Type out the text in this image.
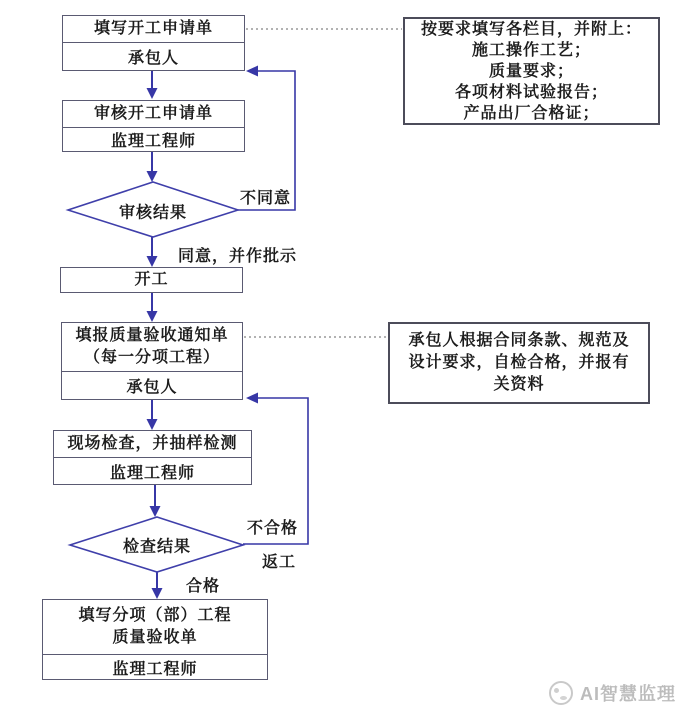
填写开工申请单
承包人
审核开工申请单
监理工程师
审核结果
不同意
同意，并作批示
开工
填报质量验收通知单
（每一分项工程）
承包人
现场检查，并抽样检测
监理工程师
检查结果
不合格
返工
合格
填写分项（部）工程
质量验收单
监理工程师
按要求填写各栏目，并附上：
施工操作工艺；
质量要求；
各项材料试验报告；
产品出厂合格证；
承包人根据合同条款、规范及设计要求，自检合格，并报有关资料
AI智慧监理
